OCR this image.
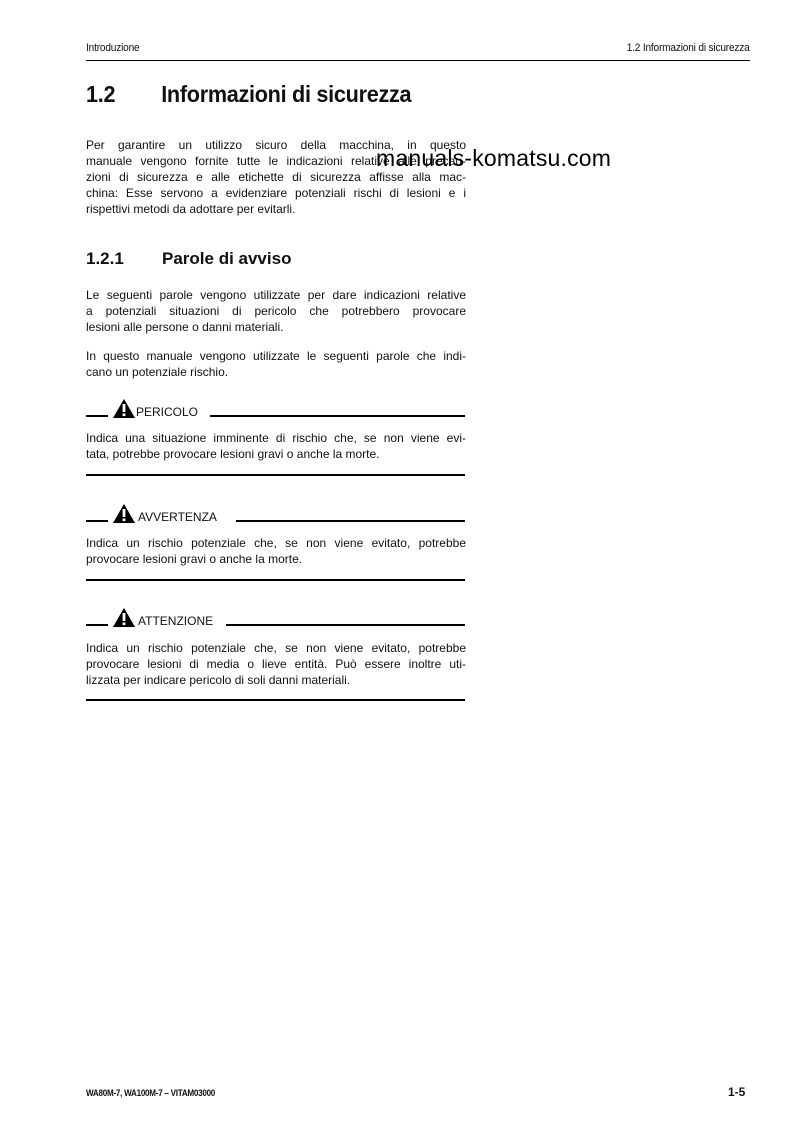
Introduzione	1.2 Informazioni di sicurezza
1.2 Informazioni di sicurezza
Per garantire un utilizzo sicuro della macchina, in questo
manuale vengono fornite tutte le indicazioni relative alle precau-
zioni di sicurezza e alle etichette di sicurezza affisse alla mac-
china: Esse servono a evidenziare potenziali rischi di lesioni e i
rispettivi metodi da adottare per evitarli.
manuals-komatsu.com
1.2.1 Parole di avviso
Le seguenti parole vengono utilizzate per dare indicazioni relative
a potenziali situazioni di pericolo che potrebbero provocare
lesioni alle persone o danni materiali.
In questo manuale vengono utilizzate le seguenti parole che indi-
cano un potenziale rischio.
PERICOLO
Indica una situazione imminente di rischio che, se non viene evi-
tata, potrebbe provocare lesioni gravi o anche la morte.
AVVERTENZA
Indica un rischio potenziale che, se non viene evitato, potrebbe
provocare lesioni gravi o anche la morte.
ATTENZIONE
Indica un rischio potenziale che, se non viene evitato, potrebbe
provocare lesioni di media o lieve entità. Può essere inoltre uti-
lizzata per indicare pericolo di soli danni materiali.
WA80M-7, WA100M-7 – VITAM03000	1-5
